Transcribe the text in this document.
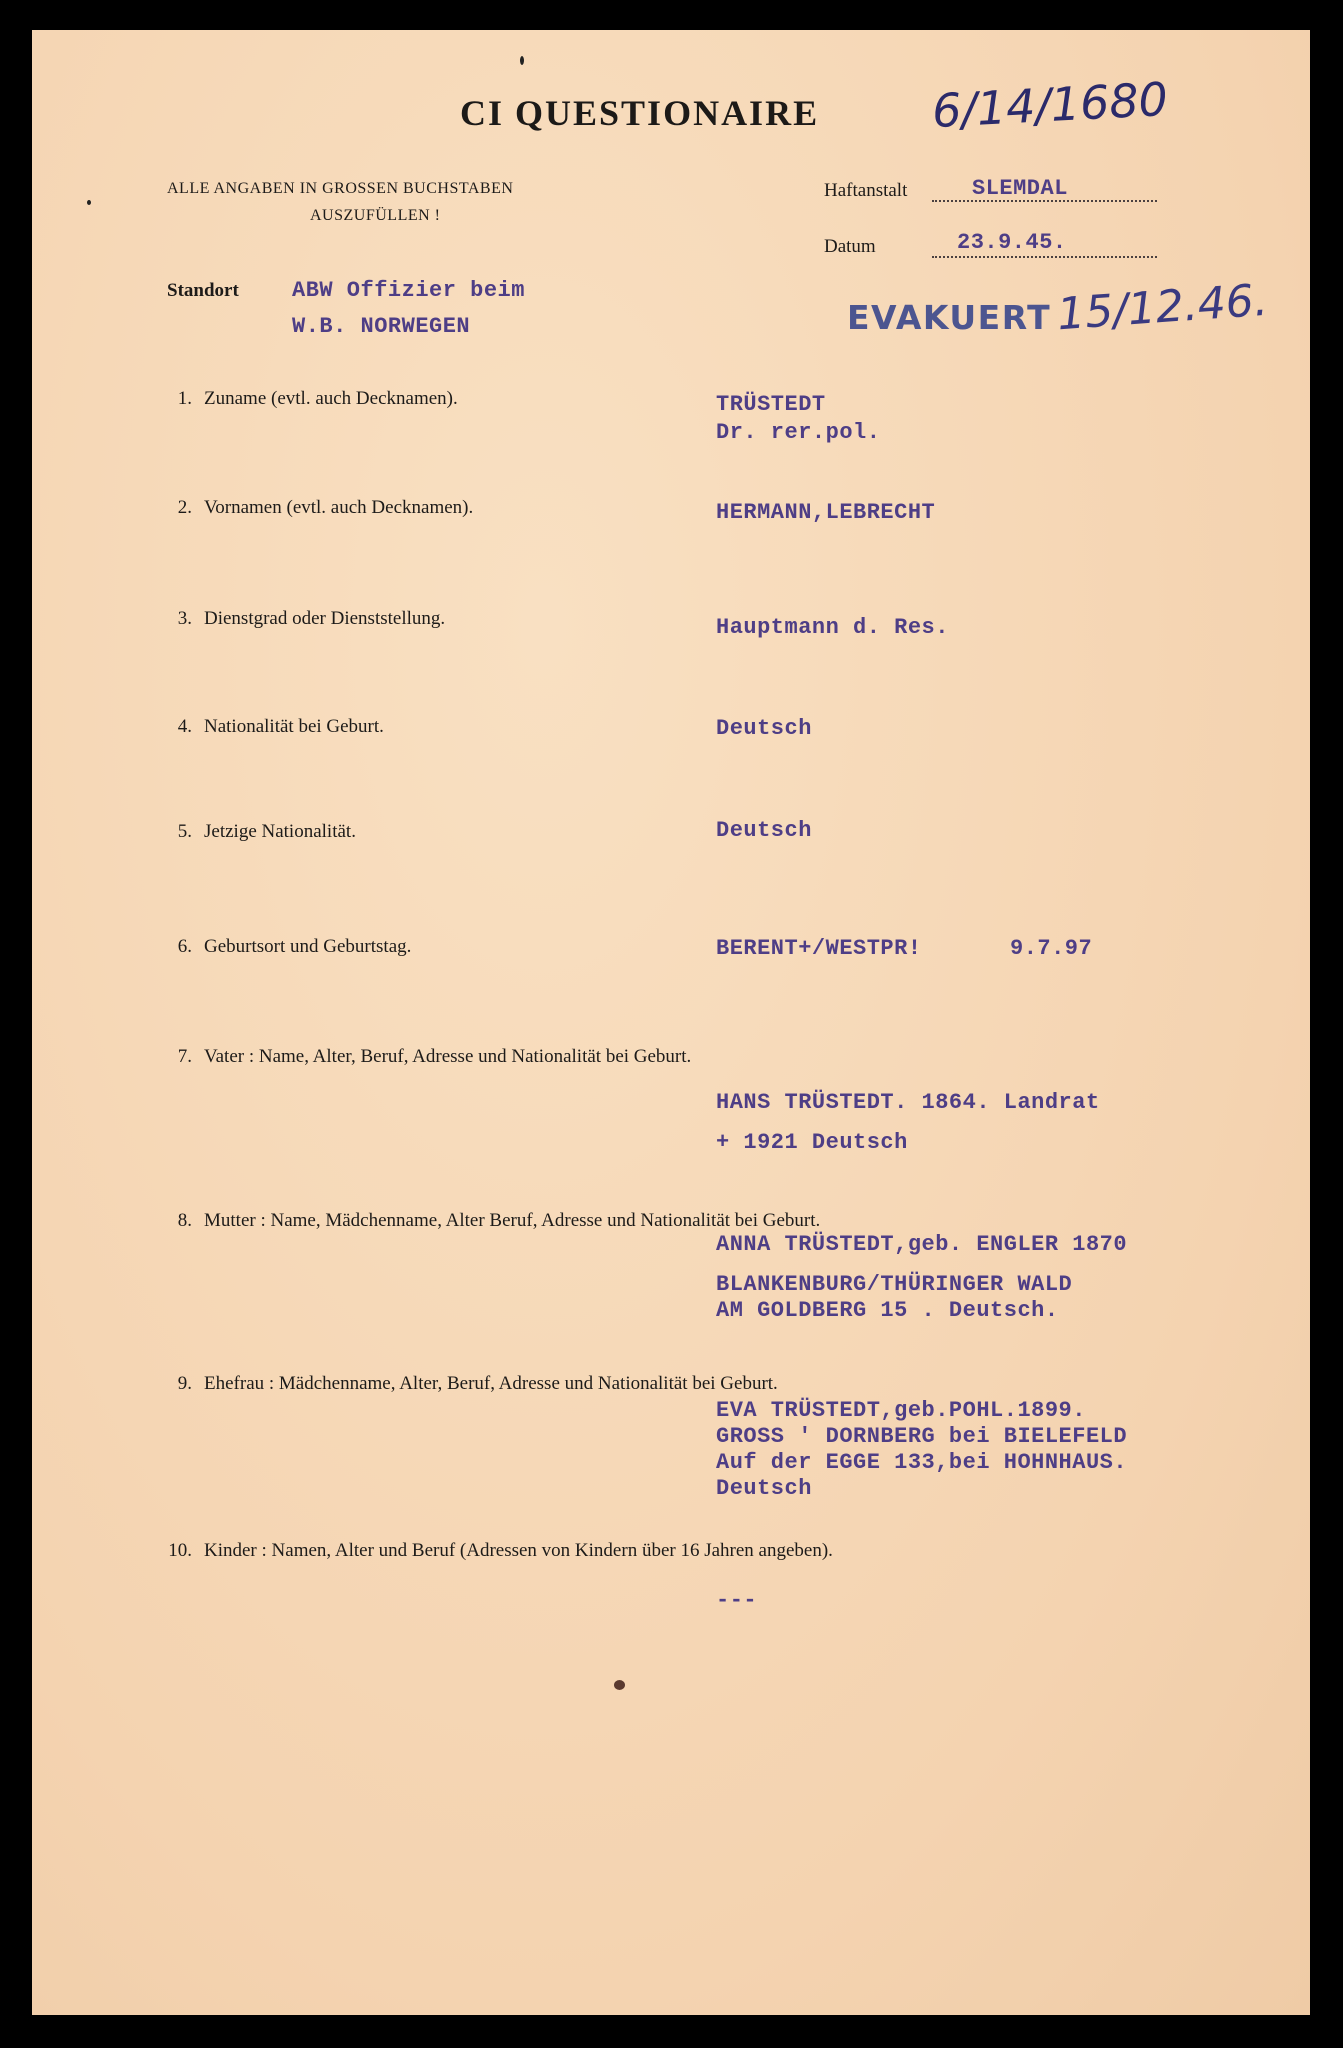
CI QUESTIONAIRE 6/14/1680
ALLE ANGABEN IN GROSSEN BUCHSTABEN
AUSZUFÜLLEN !
Haftanstalt	SLEMDAL
Datum	23.9.45.
Standort ABW Offizier beim
W.B. NORWEGEN	EVAKUERT 15/12.46.
1. Zuname (evtl. auch Decknamen).	TRÜSTEDT
Dr. rer.pol.
2. Vornamen (evtl. auch Decknamen).	HERMANN,LEBRECHT
3. Dienstgrad oder Dienststellung.	Hauptmann d. Res.
4. Nationalität bei Geburt.	Deutsch
5. Jetzige Nationalität.	Deutsch
6. Geburtsort und Geburtstag.	BERENT+/WESTPR!	9.7.97
7. Vater : Name, Alter, Beruf, Adresse und Nationalität bei Geburt.
HANS TRÜSTEDT. 1864. Landrat
+ 1921 Deutsch
8. Mutter : Name, Mädchenname, Alter Beruf, Adresse und Nationalität bei Geburt.
ANNA TRÜSTEDT,geb. ENGLER 1870
BLANKENBURG/THÜRINGER WALD
AM GOLDBERG 15 . Deutsch.
9. Ehefrau : Mädchenname, Alter, Beruf, Adresse und Nationalität bei Geburt.
EVA TRÜSTEDT,geb.POHL.1899.
GROSS ' DORNBERG bei BIELEFELD
Auf der EGGE 133,bei HOHNHAUS.
Deutsch
10. Kinder : Namen, Alter und Beruf (Adressen von Kindern über 16 Jahren angeben).
---
